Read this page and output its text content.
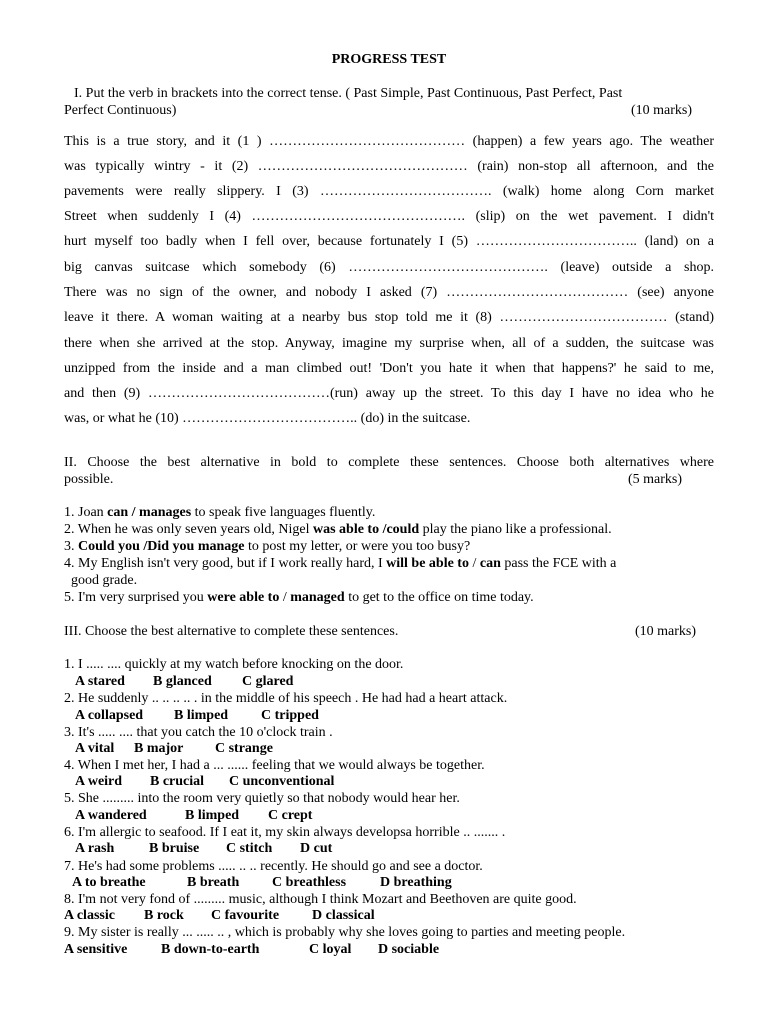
PROGRESS TEST
I. Put the verb in brackets into the correct tense. ( Past Simple, Past Continuous, Past Perfect, Past
Perfect Continuous)	(10 marks)
This is a true story, and it (1 ) …………………………………… (happen) a few years ago. The weather
was typically wintry - it (2) ……………………………………… (rain) non-stop all afternoon, and the
pavements were really slippery. I (3) ………………………………. (walk) home along Corn market
Street when suddenly I (4) ………………………………………. (slip) on the wet pavement. I didn't
hurt myself too badly when I fell over, because fortunately I (5) …………………………….. (land) on a
big canvas suitcase which somebody (6) ……………………………………. (leave) outside a shop.
There was no sign of the owner, and nobody I asked (7) ………………………………… (see) anyone
leave it there. A woman waiting at a nearby bus stop told me it (8) ……………………………… (stand)
there when she arrived at the stop. Anyway, imagine my surprise when, all of a sudden, the suitcase was
unzipped from the inside and a man climbed out! 'Don't you hate it when that happens?' he said to me,
and then (9) …………………………………(run) away up the street. To this day I have no idea who he
was, or what he (10) ……………………………….. (do) in the suitcase.
II. Choose the best alternative in bold to complete these sentences. Choose both alternatives where
possible.	(5 marks)
1. Joan can / manages to speak five languages fluently.
2. When he was only seven years old, Nigel was able to /could play the piano like a professional.
3. Could you /Did you manage to post my letter, or were you too busy?
4. My English isn't very good, but if I work really hard, I will be able to / can pass the FCE with a
good grade.
5. I'm very surprised you were able to / managed to get to the office on time today.
III. Choose the best alternative to complete these sentences.	(10 marks)
1. I ..... .... quickly at my watch before knocking on the door.
A stared B glanced C glared
2. He suddenly .. .. .. .. . in the middle of his speech . He had had a heart attack.
A collapsed B limped C tripped
3. It's ..... .... that you catch the 10 o'clock train .
A vital B major C strange
4. When I met her, I had a ... ...... feeling that we would always be together.
A weird B crucial C unconventional
5. She ......... into the room very quietly so that nobody would hear her.
A wandered	B limped C crept
6. I'm allergic to seafood. If I eat it, my skin always developsa horrible .. ....... .
A rash B bruise C stitch D cut
7. He's had some problems ..... .. .. recently. He should go and see a doctor.
A to breathe	B breath C breathless D breathing
8. I'm not very fond of ......... music, although I think Mozart and Beethoven are quite good.
A classic B rock C favourite D classical
9. My sister is really ... ..... .. , which is probably why she loves going to parties and meeting people.
A sensitive B down-to-earth	C loyal D sociable
